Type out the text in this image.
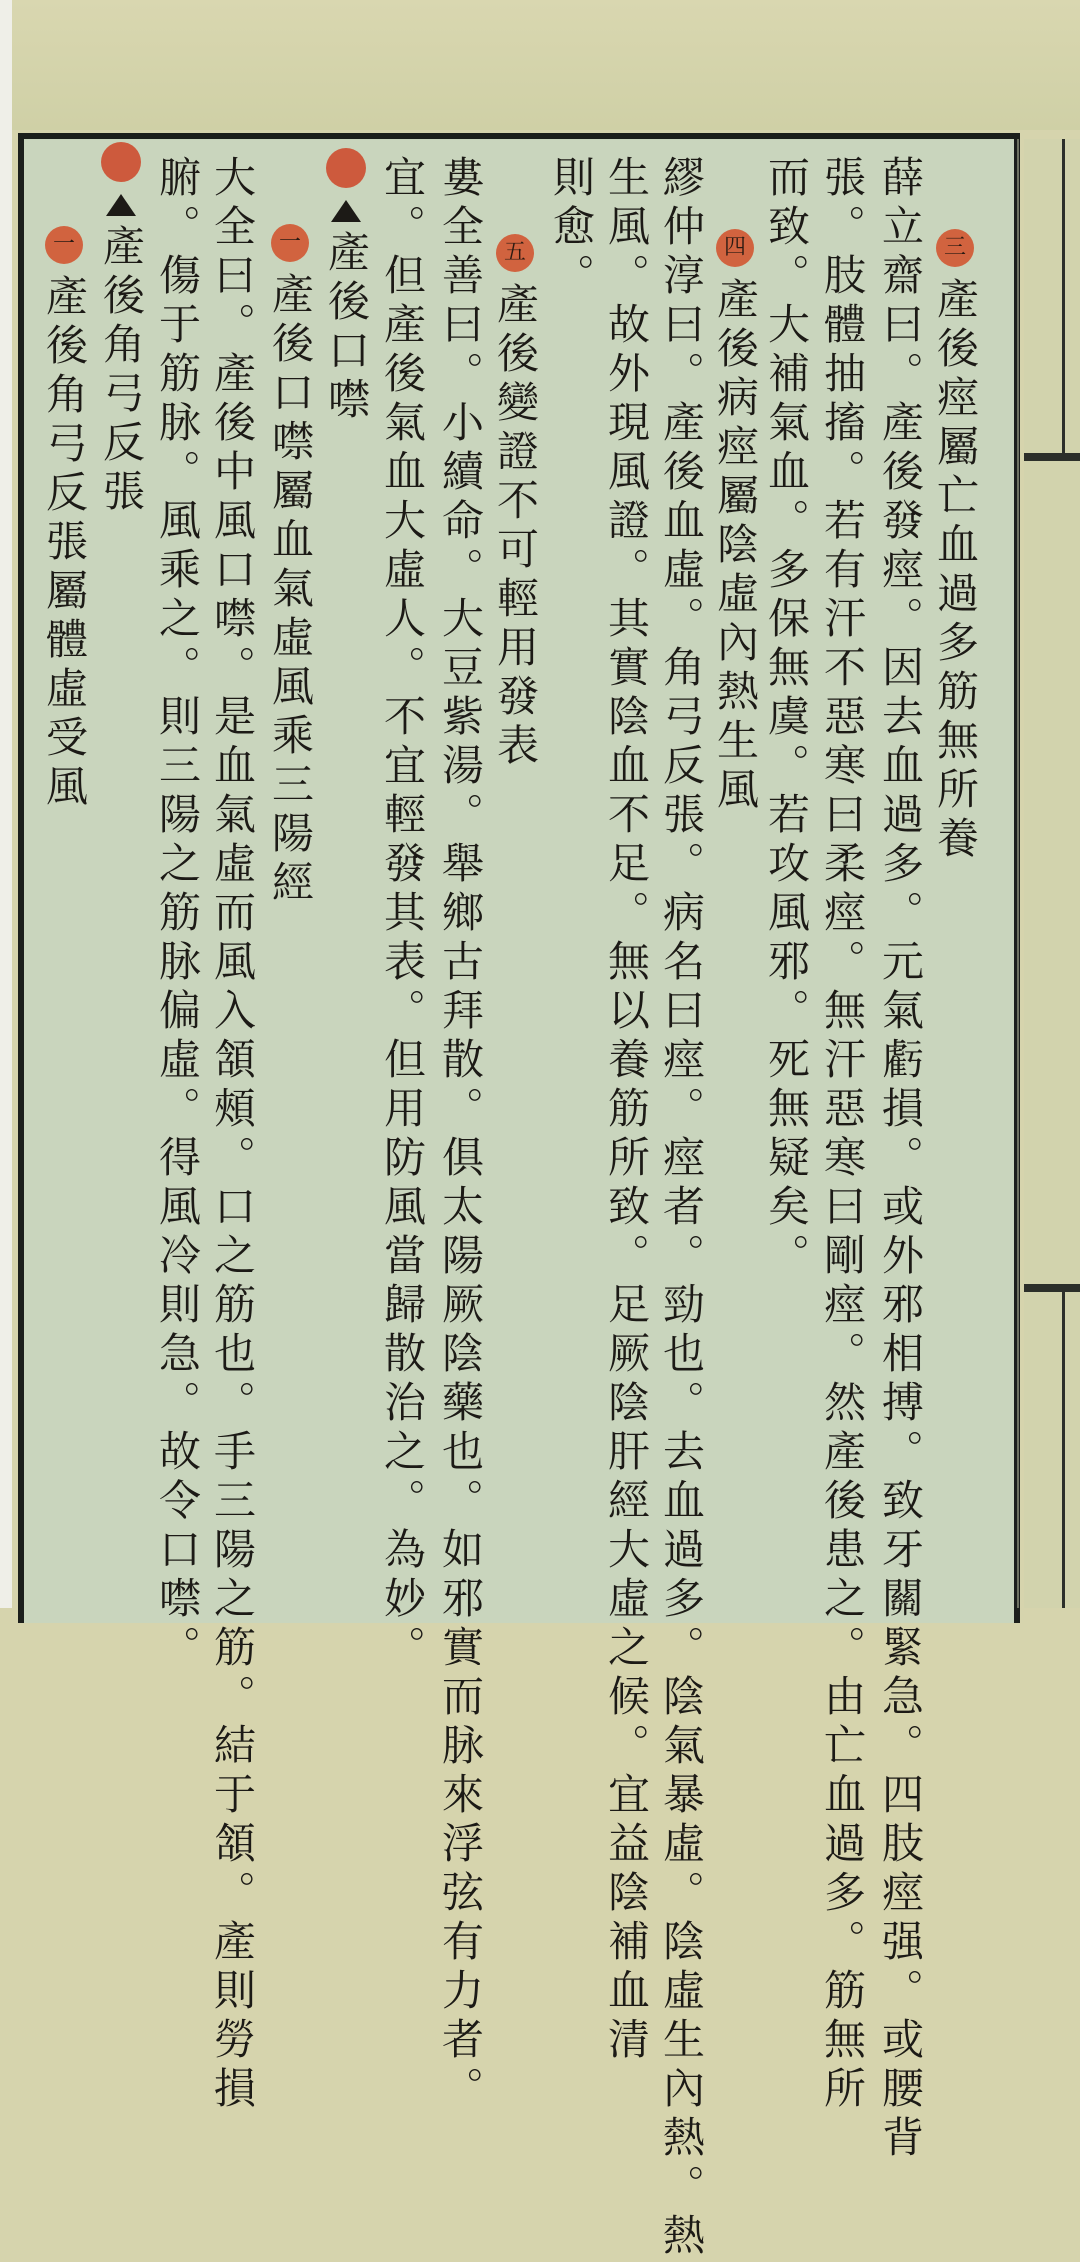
三
產後痙屬亡血過多筋無所養
薛立齋曰。產後發痙。因去血過多。元氣虧損。或外邪相搏。致牙關緊急。四肢痙强。或腰背
張。肢體抽搐。若有汗不惡寒曰柔痙。無汗惡寒曰剛痙。然產後患之。由亡血過多。筋無所
而致。大補氣血。多保無虞。若攻風邪。死無疑矣。
四
產後病痙屬陰虛內熱生風
繆仲淳曰。產後血虛。角弓反張。病名曰痙。痙者。勁也。去血過多。陰氣暴虛。陰虛生內熱。熱
生風。故外現風證。其實陰血不足。無以養筋所致。足厥陰肝經大虛之候。宜益陰補血清
則愈。
五
產後變證不可輕用發表
婁全善曰。小續命。大豆紫湯。舉鄉古拜散。俱太陽厥陰藥也。如邪實而脉來浮弦有力者。
宜。但產後氣血大虛人。不宜輕發其表。但用防風當歸散治之。為妙。
產後口噤
一
產後口噤屬血氣虛風乘三陽經
大全曰。產後中風口噤。是血氣虛而風入頷頰。口之筋也。手三陽之筋。結于頷。產則勞損
腑。傷于筋脉。風乘之。則三陽之筋脉偏虛。得風冷則急。故令口噤。
產後角弓反張
一
產後角弓反張屬體虛受風
